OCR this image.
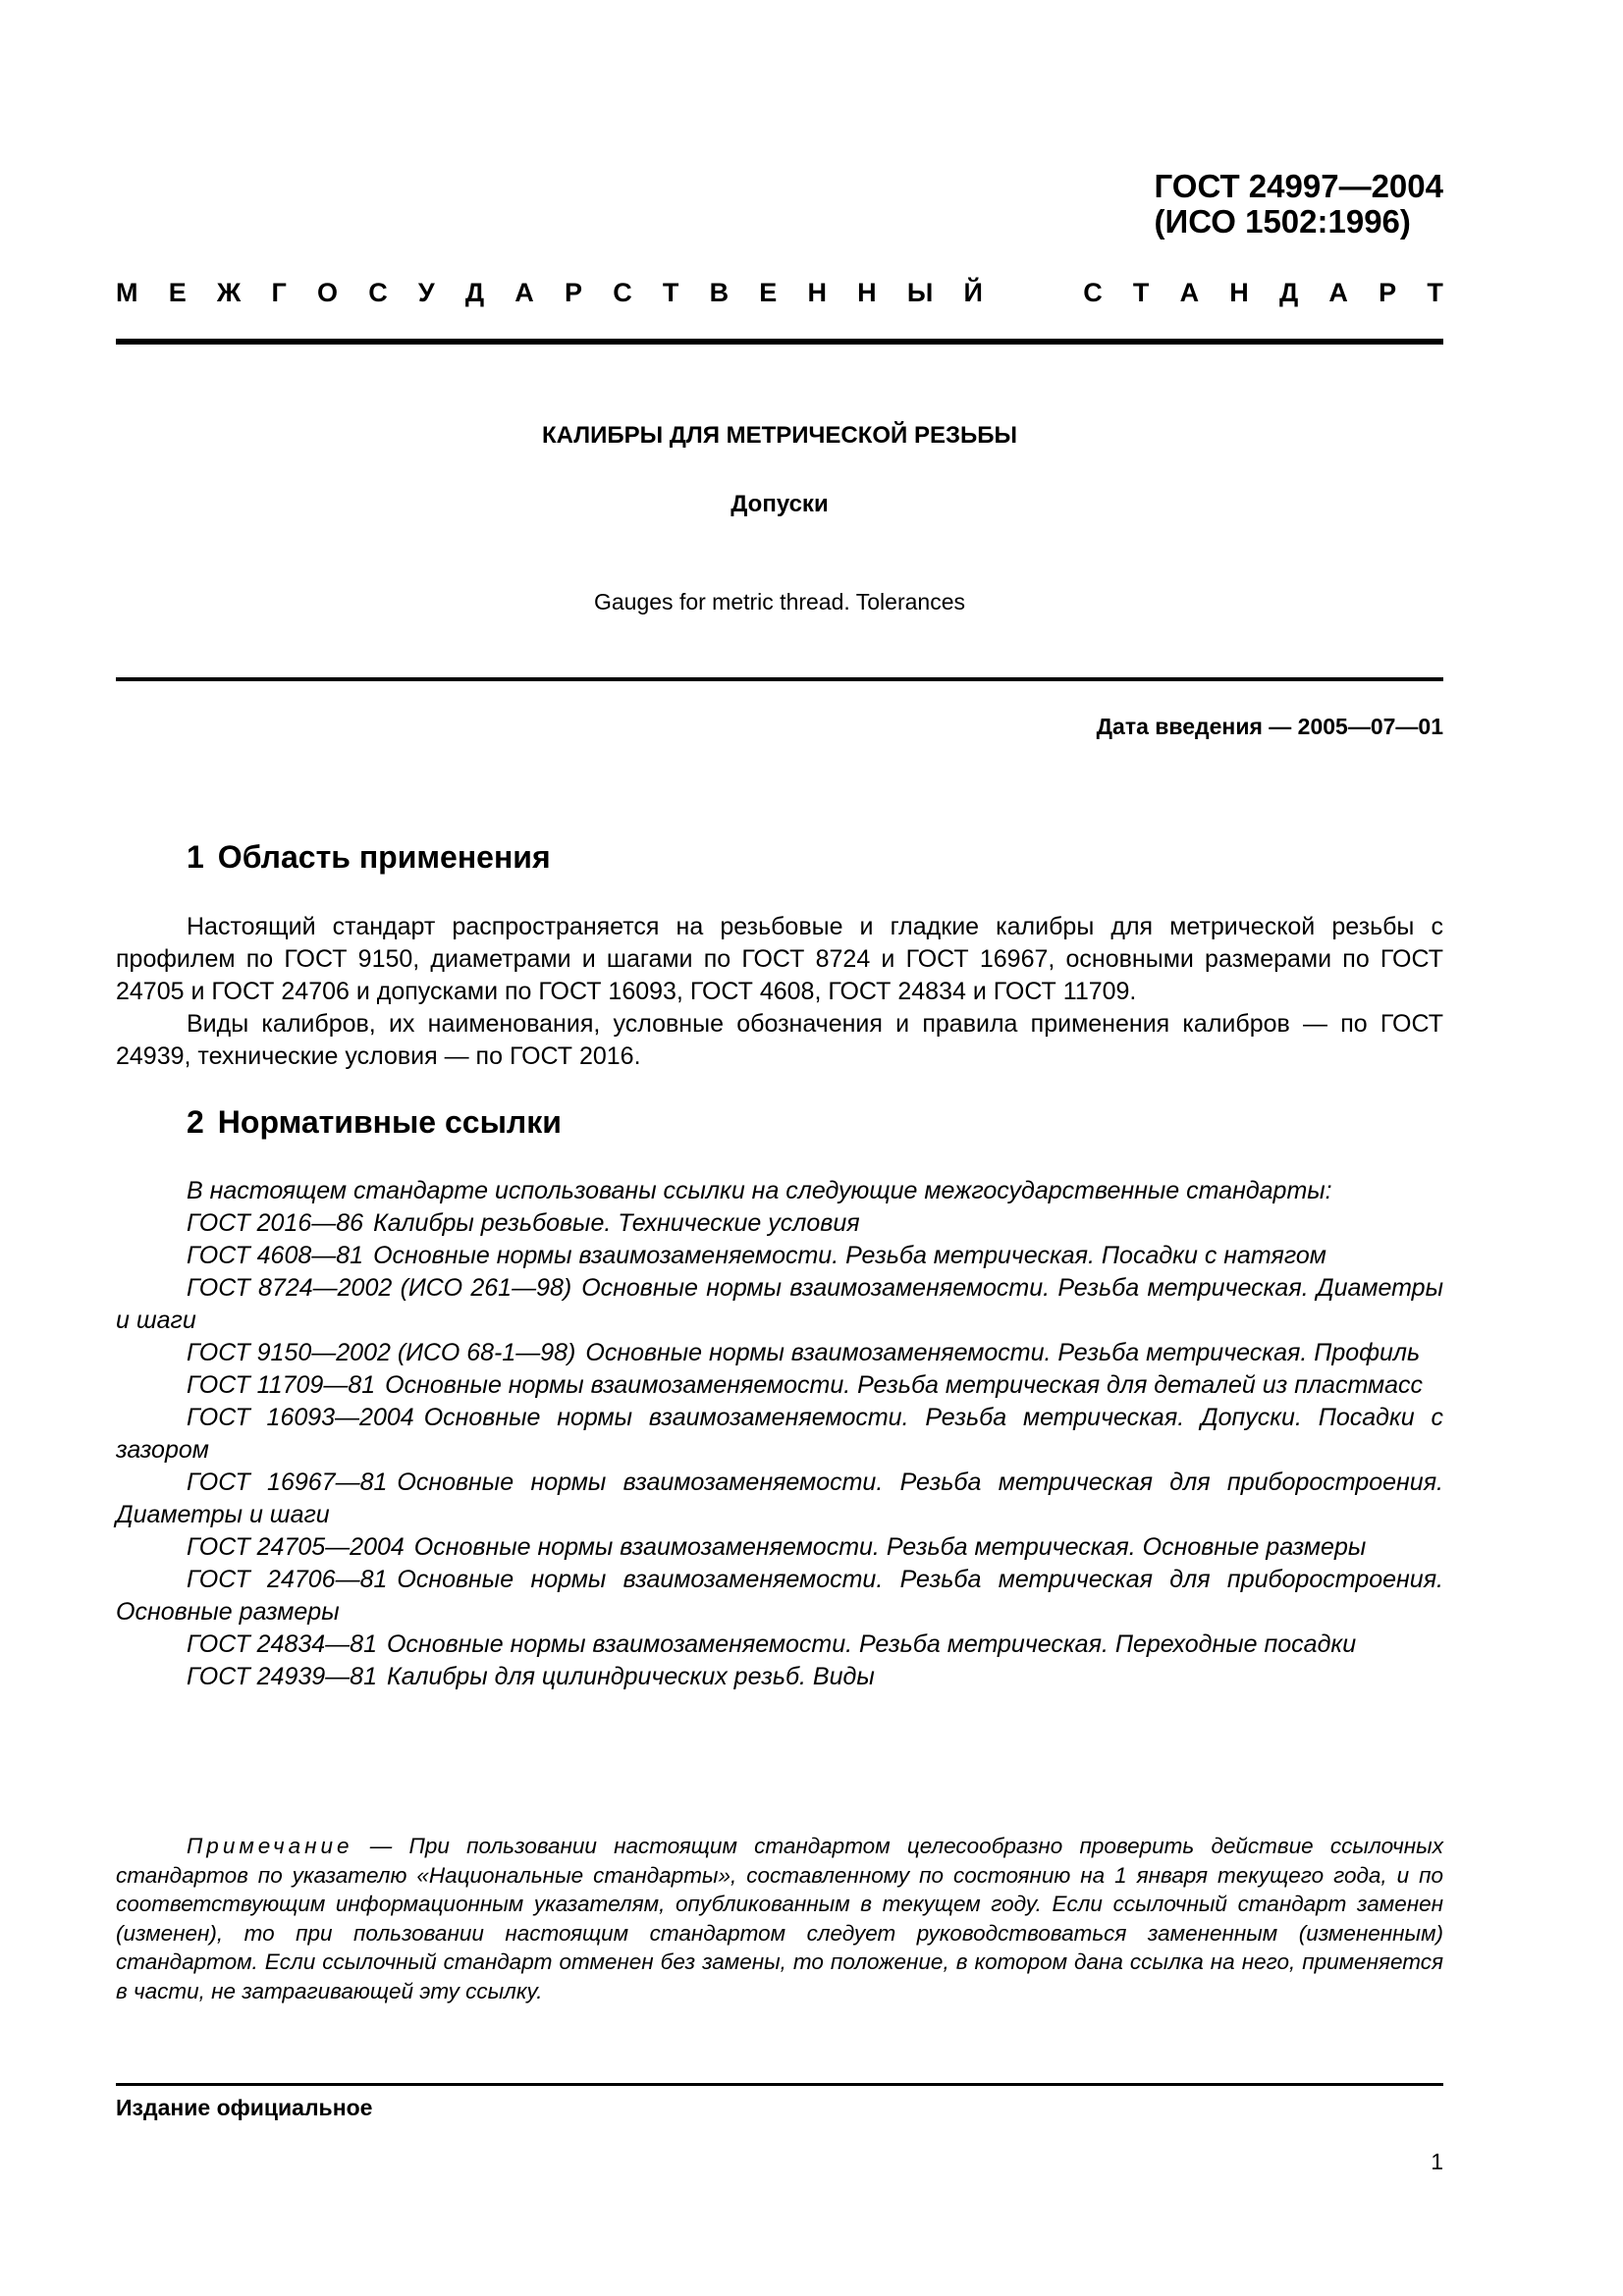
ГОСТ 24997—2004
(ИСО 1502:1996)
М Е Ж Г О С У Д А Р С Т В Е Н Н Ы Й	С Т А Н Д А Р Т
КАЛИБРЫ ДЛЯ МЕТРИЧЕСКОЙ РЕЗЬБЫ
Допуски
Gauges for metric thread. Tolerances
Дата введения — 2005—07—01
1 Область применения

Настоящий стандарт распространяется на резьбовые и гладкие калибры для метрической резьбы с профилем по ГОСТ 9150, диаметрами и шагами по ГОСТ 8724 и ГОСТ 16967, основными размерами по ГОСТ 24705 и ГОСТ 24706 и допусками по ГОСТ 16093, ГОСТ 4608, ГОСТ 24834 и ГОСТ 11709.

Виды калибров, их наименования, условные обозначения и правила применения калибров — по ГОСТ 24939, технические условия — по ГОСТ 2016.

2 Нормативные ссылки

В настоящем стандарте использованы ссылки на следующие межгосударственные стандарты:

ГОСТ 2016—86 Калибры резьбовые. Технические условия

ГОСТ 4608—81 Основные нормы взаимозаменяемости. Резьба метрическая. Посадки с натягом

ГОСТ 8724—2002 (ИСО 261—98) Основные нормы взаимозаменяемости. Резьба метрическая. Диаметры и шаги

ГОСТ 9150—2002 (ИСО 68-1—98) Основные нормы взаимозаменяемости. Резьба метрическая. Профиль

ГОСТ 11709—81 Основные нормы взаимозаменяемости. Резьба метрическая для деталей из пластмасс

ГОСТ 16093—2004 Основные нормы взаимозаменяемости. Резьба метрическая. Допуски. Посадки с зазором

ГОСТ 16967—81 Основные нормы взаимозаменяемости. Резьба метрическая для приборостроения. Диаметры и шаги

ГОСТ 24705—2004 Основные нормы взаимозаменяемости. Резьба метрическая. Основные размеры

ГОСТ 24706—81 Основные нормы взаимозаменяемости. Резьба метрическая для приборостроения. Основные размеры

ГОСТ 24834—81 Основные нормы взаимозаменяемости. Резьба метрическая. Переходные посадки

ГОСТ 24939—81 Калибры для цилиндрических резьб. Виды

Примечание — При пользовании настоящим стандартом целесообразно проверить действие ссылочных стандартов по указателю «Национальные стандарты», составленному по состоянию на 1 января текущего года, и по соответствующим информационным указателям, опубликованным в текущем году. Если ссылочный стандарт заменен (изменен), то при пользовании настоящим стандартом следует руководствоваться замененным (измененным) стандартом. Если ссылочный стандарт отменен без замены, то положение, в котором дана ссылка на него, применяется в части, не затрагивающей эту ссылку.

Издание официальное
1
